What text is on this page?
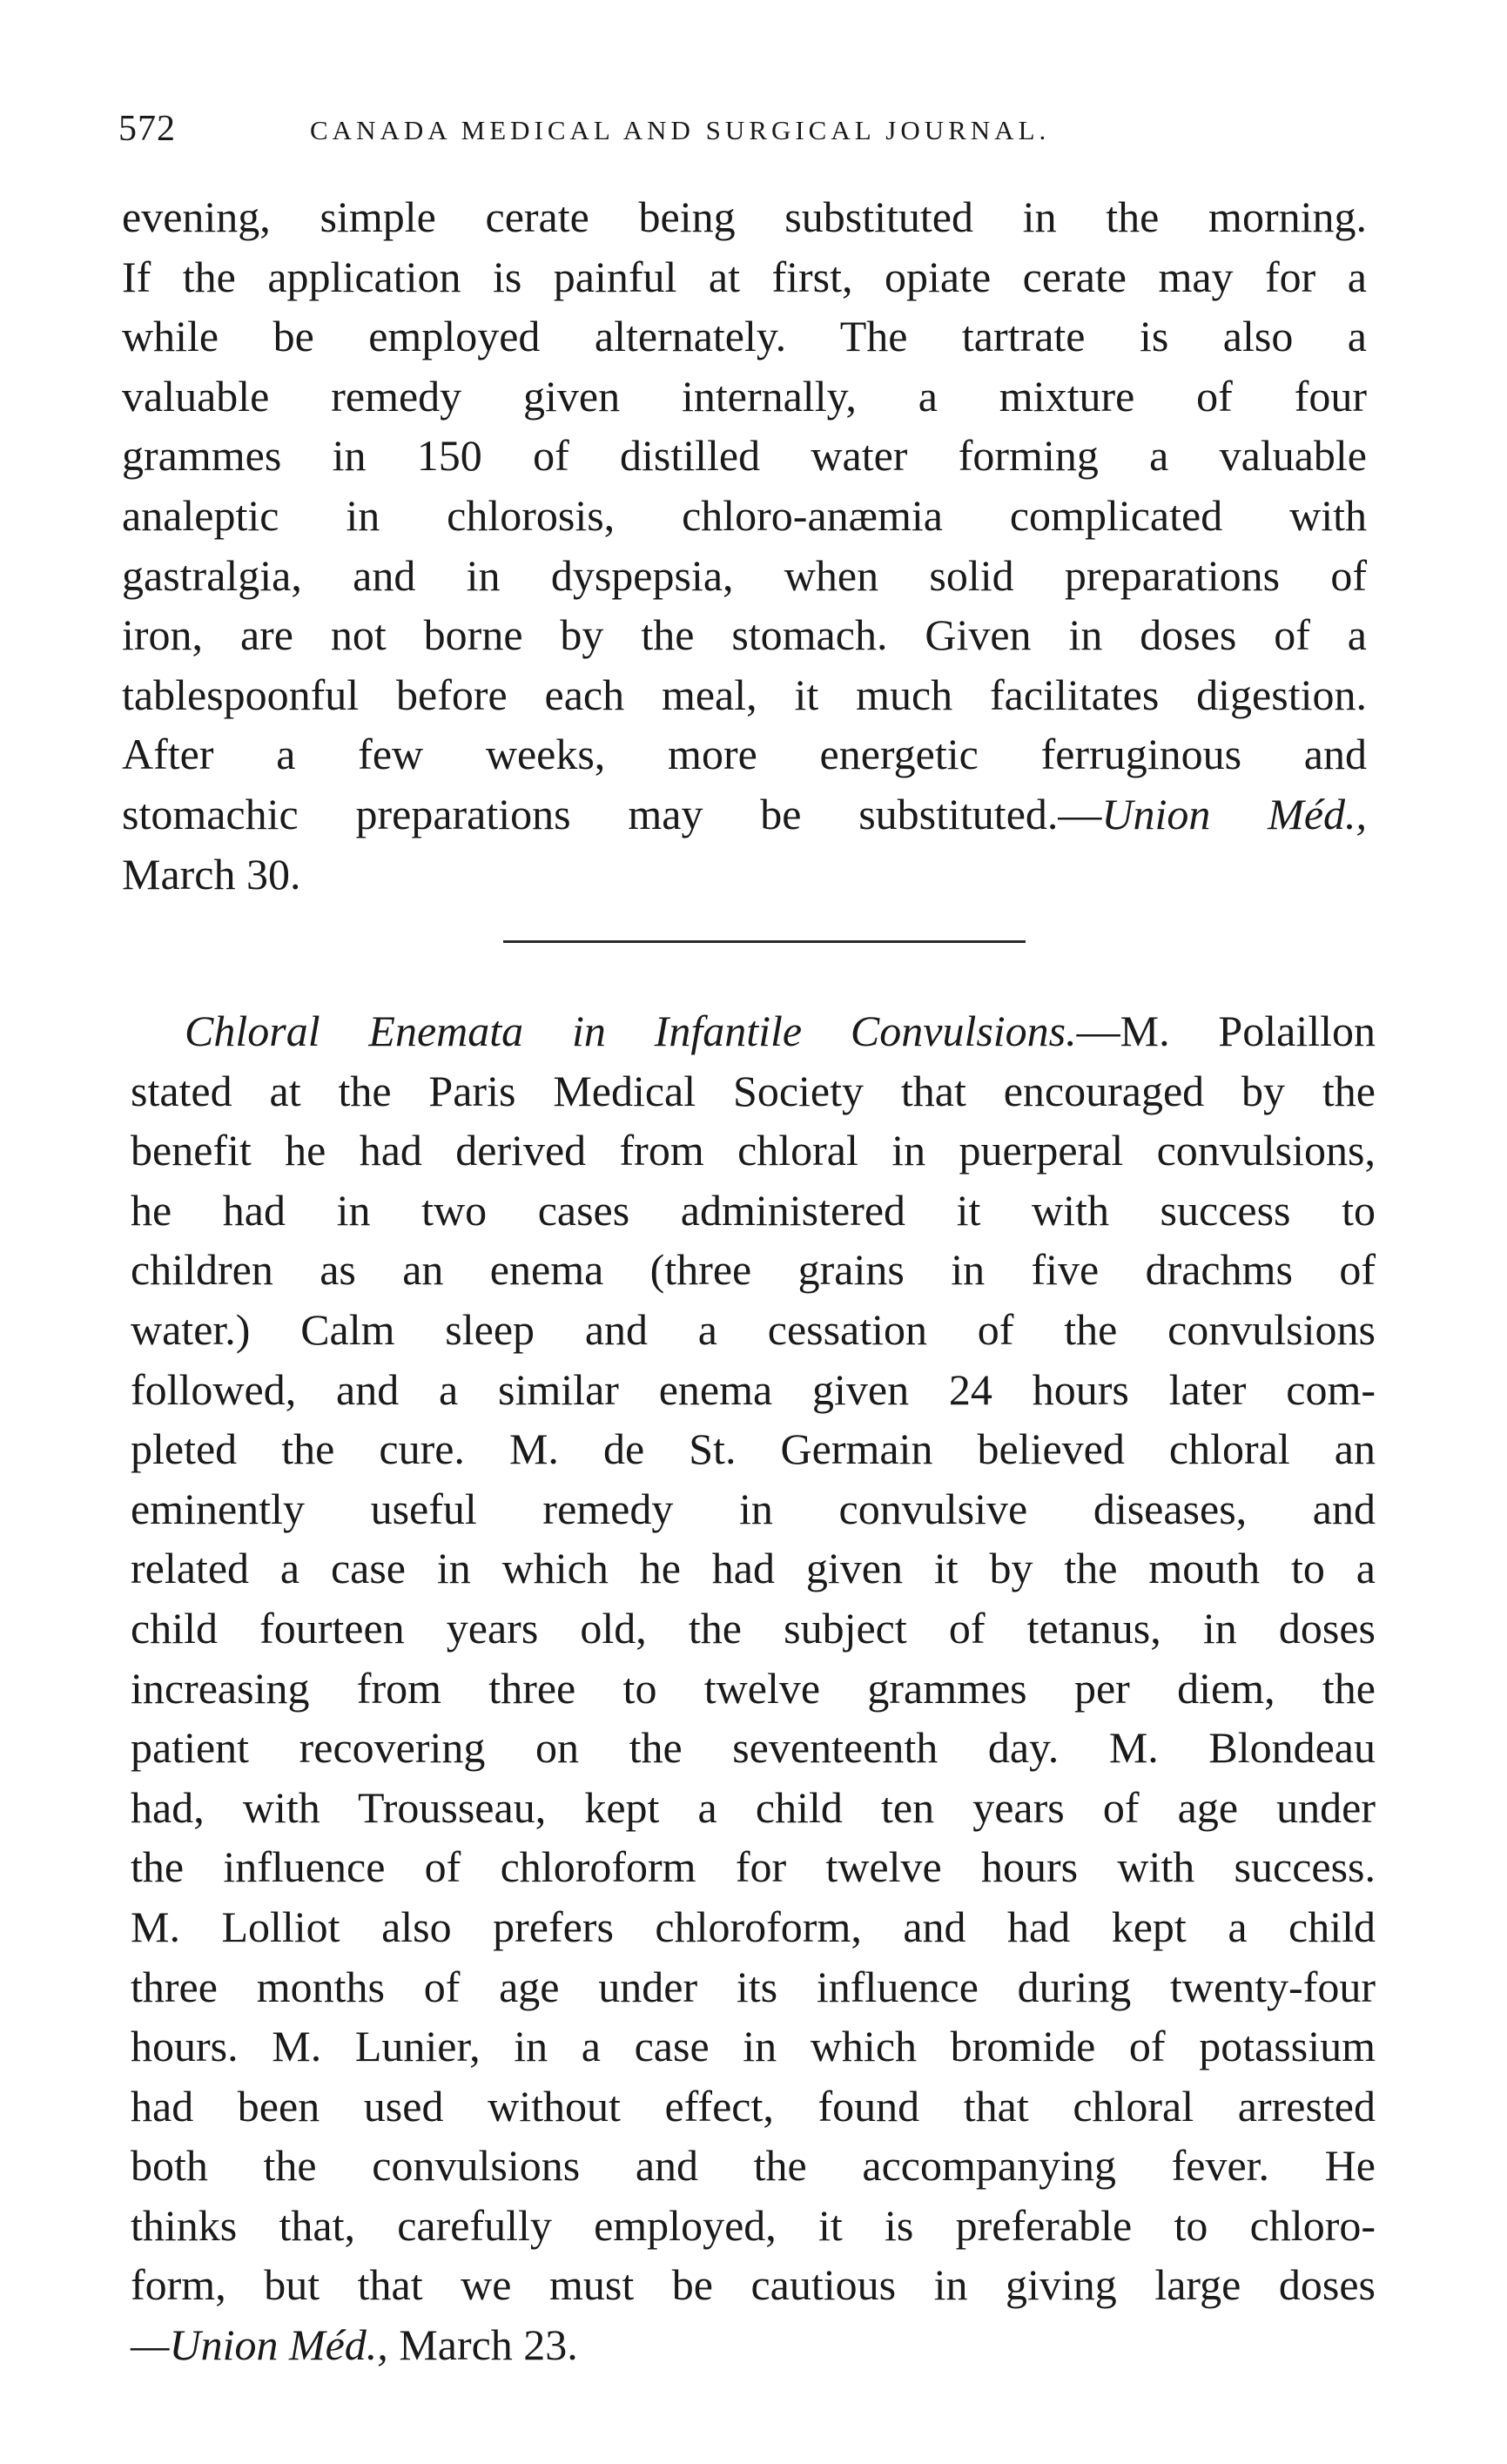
572	CANADA MEDICAL AND SURGICAL JOURNAL.
evening, simple cerate being substituted in the morning.
If the application is painful at first, opiate cerate may for a
while be employed alternately. The tartrate is also a
valuable remedy given internally, a mixture of four
grammes in 150 of distilled water forming a valuable
analeptic in chlorosis, chloro-anæmia complicated with
gastralgia, and in dyspepsia, when solid preparations of
iron, are not borne by the stomach. Given in doses of a
tablespoonful before each meal, it much facilitates digestion.
After a few weeks, more energetic ferruginous and
stomachic preparations may be substituted.—Union Méd.,
March 30.
Chloral Enemata in Infantile Convulsions.—M. Polaillon
stated at the Paris Medical Society that encouraged by the
benefit he had derived from chloral in puerperal convulsions,
he had in two cases administered it with success to
children as an enema (three grains in five drachms of
water.) Calm sleep and a cessation of the convulsions
followed, and a similar enema given 24 hours later com-
pleted the cure. M. de St. Germain believed chloral an
eminently useful remedy in convulsive diseases, and
related a case in which he had given it by the mouth to a
child fourteen years old, the subject of tetanus, in doses
increasing from three to twelve grammes per diem, the
patient recovering on the seventeenth day. M. Blondeau
had, with Trousseau, kept a child ten years of age under
the influence of chloroform for twelve hours with success.
M. Lolliot also prefers chloroform, and had kept a child
three months of age under its influence during twenty-four
hours. M. Lunier, in a case in which bromide of potassium
had been used without effect, found that chloral arrested
both the convulsions and the accompanying fever. He
thinks that, carefully employed, it is preferable to chloro-
form, but that we must be cautious in giving large doses
—Union Méd., March 23.
